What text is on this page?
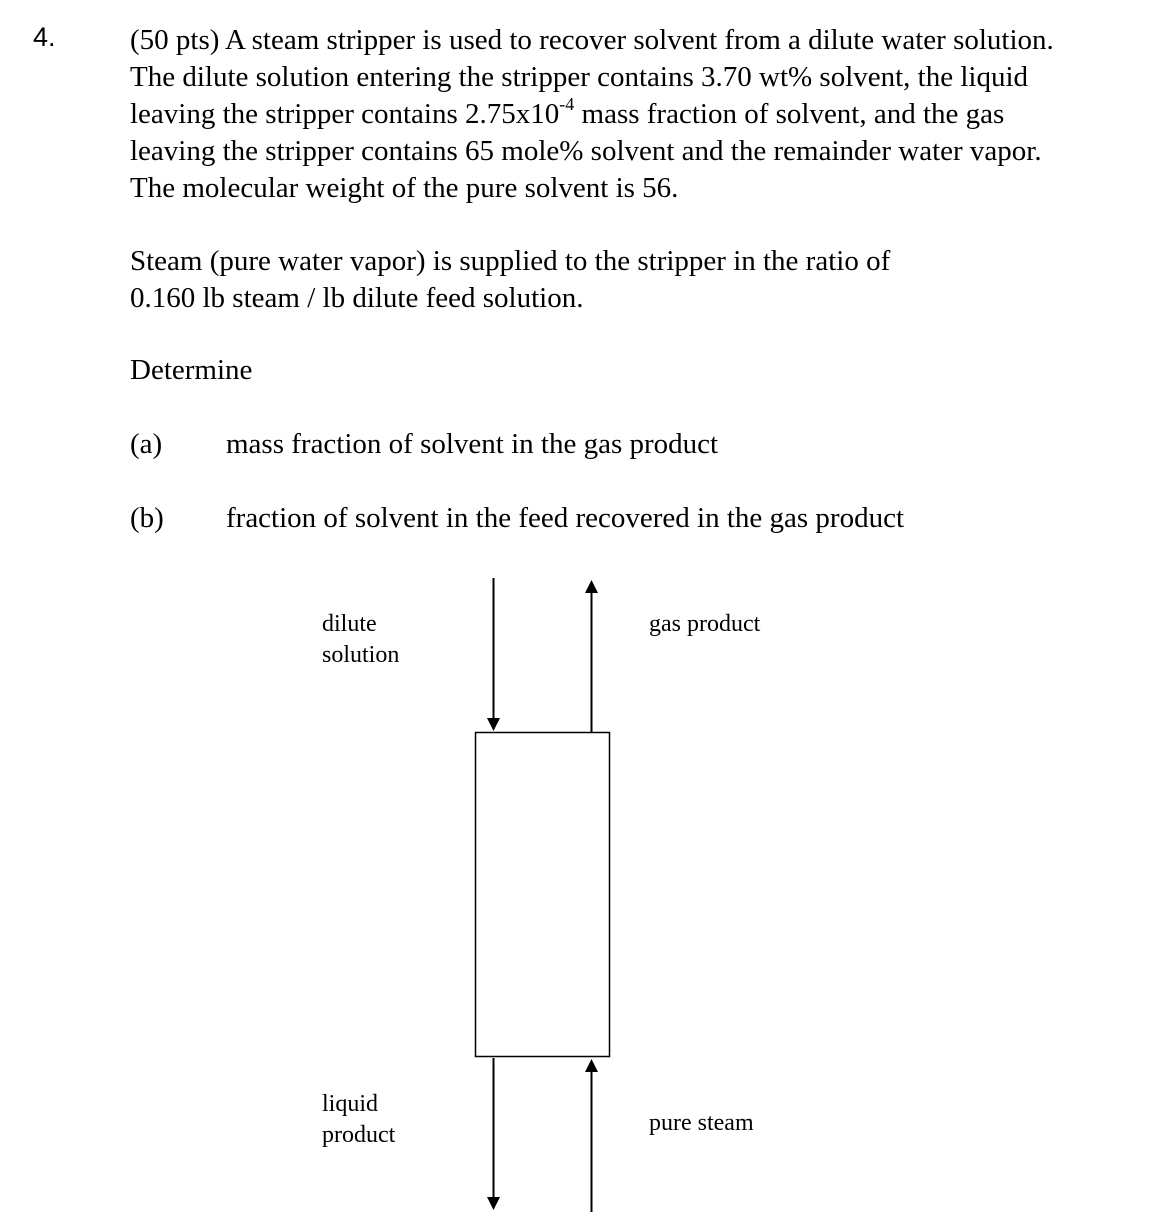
4.	(50 pts) A steam stripper is used to recover solvent from a dilute water solution.
The dilute solution entering the stripper contains 3.70 wt% solvent, the liquid
leaving the stripper contains $2.75x10^{-4}$ mass fraction of solvent, and the gas
leaving the stripper contains 65 mole% solvent and the remainder water vapor.
The molecular weight of the pure solvent is 56.
Steam (pure water vapor) is supplied to the stripper in the ratio of
0.160 lb steam / lb dilute feed solution.

Determine

(a) mass fraction of solvent in the gas product

(b) fraction of solvent in the feed recovered in the gas product

dilute
solution
gas product
liquid
product	pure steam
